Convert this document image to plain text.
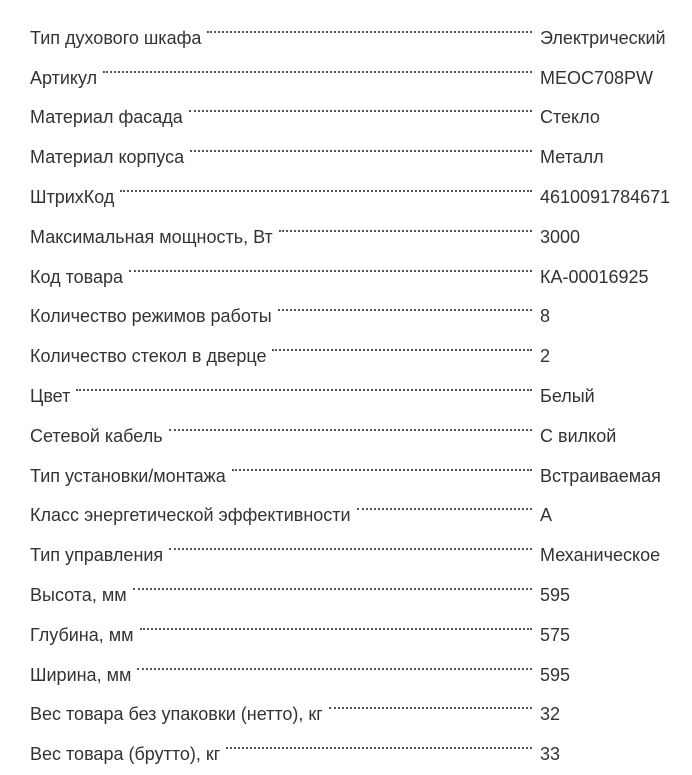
Тип духового шкафа	Электрический
Артикул	MEOC708PW
Материал фасада	Стекло
Материал корпуса	Металл
ШтрихКод	4610091784671
Максимальная мощность, Вт	3000
Код товара	КА-00016925
Количество режимов работы	8
Количество стекол в дверце	2
Цвет	Белый
Сетевой кабель	С вилкой
Тип установки/монтажа	Встраиваемая
Класс энергетической эффективности	A
Тип управления	Механическое
Высота, мм	595
Глубина, мм	575
Ширина, мм	595
Вес товара без упаковки (нетто), кг	32
Вес товара (брутто), кг	33
